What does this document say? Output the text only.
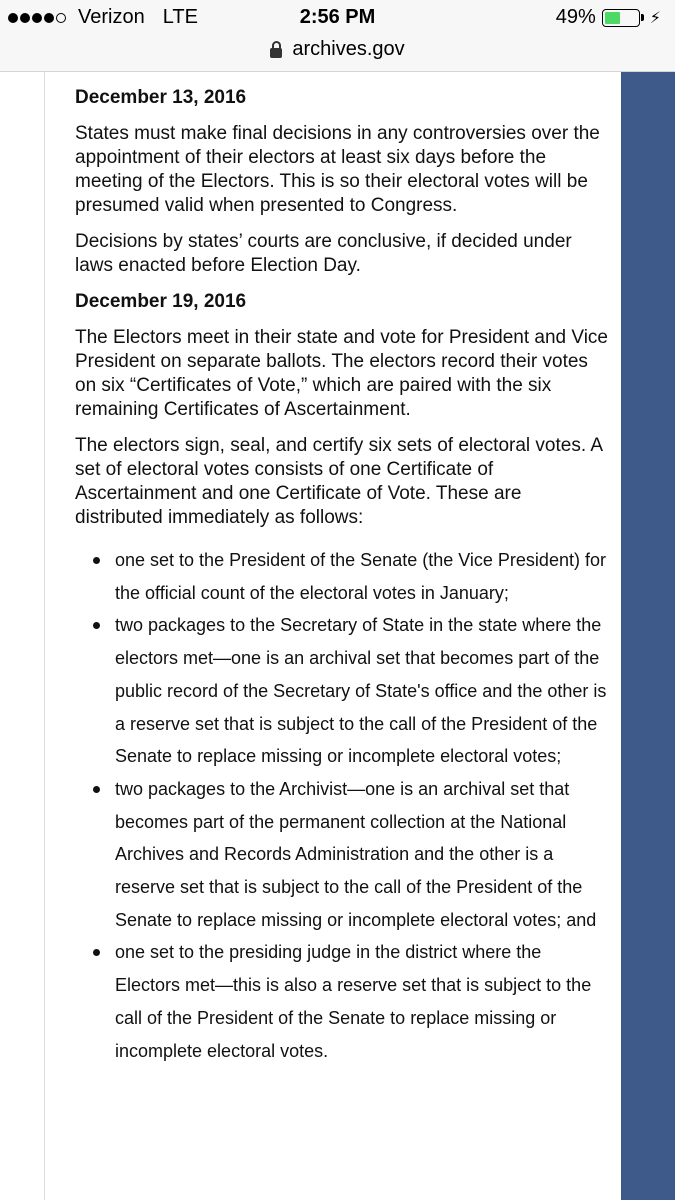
Verizon LTE	2:56 PM	49%	⚡
archives.gov
December 13, 2016

States must make final decisions in any controversies over the appointment of their electors at least six days before the meeting of the Electors. This is so their electoral votes will be presumed valid when presented to Congress.

Decisions by states’ courts are conclusive, if decided under laws enacted before Election Day.

December 19, 2016

The Electors meet in their state and vote for President and Vice President on separate ballots. The electors record their votes on six “Certificates of Vote,” which are paired with the six remaining Certificates of Ascertainment.

The electors sign, seal, and certify six sets of electoral votes. A set of electoral votes consists of one Certificate of Ascertainment and one Certificate of Vote. These are distributed immediately as follows:

one set to the President of the Senate (the Vice President) for the official count of the electoral votes in January;
two packages to the Secretary of State in the state where the electors met—one is an archival set that becomes part of the public record of the Secretary of State's office and the other is a reserve set that is subject to the call of the President of the Senate to replace missing or incomplete electoral votes;
two packages to the Archivist—one is an archival set that becomes part of the permanent collection at the National Archives and Records Administration and the other is a reserve set that is subject to the call of the President of the Senate to replace missing or incomplete electoral votes; and
one set to the presiding judge in the district where the Electors met—this is also a reserve set that is subject to the call of the President of the Senate to replace missing or incomplete electoral votes.
